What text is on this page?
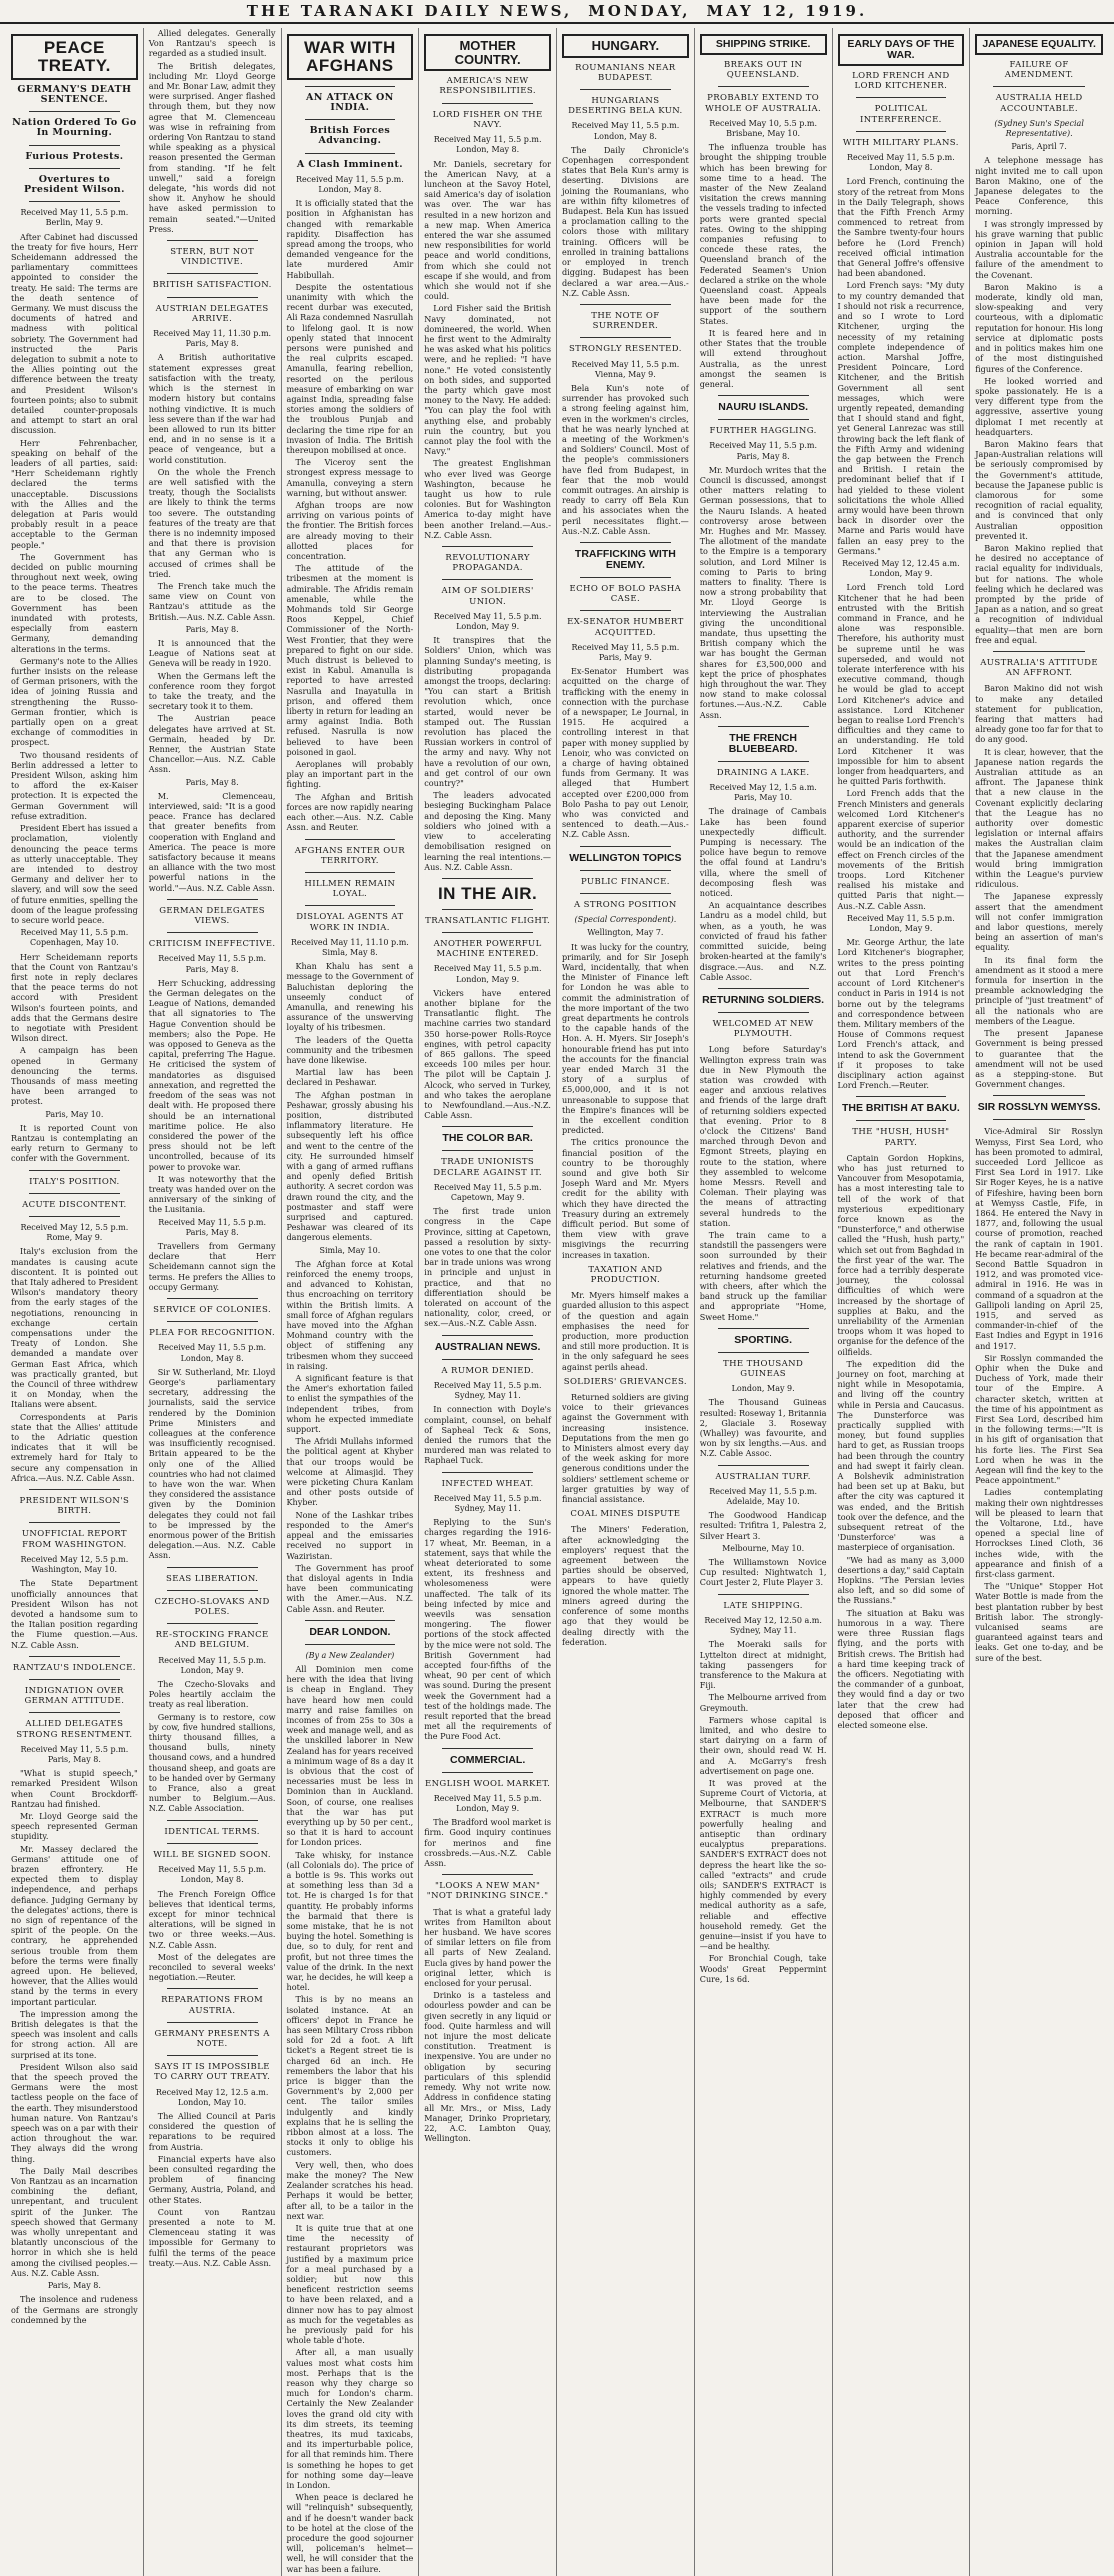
THE TARANAKI DAILY NEWS, MONDAY, MAY 12, 1919.
PEACE TREATY.
GERMANY'S DEATH SENTENCE.
Nation Ordered To Go In Mourning.
Furious Protests.
Overtures to President Wilson.
Received May 11, 5.5 p.m. Berlin, May 9.

After Cabinet had discussed the treaty for five hours, Herr Scheidemann addressed the parliamentary committees appointed to consider the treaty. He said: The terms are the death sentence of Germany. We must discuss the documents of hatred and madness with political sobriety. The Government had instructed the Paris delegation to submit a note to the Allies pointing out the difference between the treaty and President Wilson's fourteen points; also to submit detailed counter-proposals and attempt to start an oral discussion.

Herr Fehrenbacher, speaking on behalf of the leaders of all parties, said: "Herr Scheidemann rightly declared the terms unacceptable. Discussions with the Allies and the delegation at Paris would probably result in a peace acceptable to the German people."

The Government has decided on public mourning throughout next week, owing to the peace terms. Theatres are to be closed. The Government has been inundated with protests, especially from eastern Germany, demanding alterations in the terms.

Germany's note to the Allies further insists on the release of German prisoners, with the idea of joining Russia and strengthening the Russo-German frontier, which is partially open on a great exchange of commodities in prospect.

Two thousand residents of Berlin addressed a letter to President Wilson, asking him to afford the ex-Kaiser protection. It is expected the German Government will refuse extradition.

President Ebert has issued a proclamation, violently denouncing the peace terms as utterly unacceptable. They are intended to destroy Germany and deliver her to slavery, and will sow the seed of future enmities, spelling the doom of the league professing to secure world peace.

Received May 11, 5.5 p.m. Copenhagen, May 10.

Herr Scheidemann reports that the Count von Rantzau's first note in reply declares that the peace terms do not accord with President Wilson's fourteen points, and adds that the Germans desire to negotiate with President Wilson direct.

A campaign has been opened in Germany denouncing the terms. Thousands of mass meeting have been arranged to protest.

Paris, May 10.

It is reported Count von Rantzau is contemplating an early return to Germany to confer with the Government.

ITALY'S POSITION.
ACUTE DISCONTENT.
Received May 12, 5.5 p.m. Rome, May 9.

Italy's exclusion from the mandates is causing acute discontent. It is pointed out that Italy adhered to President Wilson's mandatory theory from the early stages of the negotiations, renouncing in exchange certain compensations under the Treaty of London. She demanded a mandate over German East Africa, which was practically granted, but the Council of three withdrew it on Monday, when the Italians were absent.

Correspondents at Paris state that the Allies' attitude to the Adriatic question indicates that it will be extremely hard for Italy to secure any compensation in Africa.—Aus. N.Z. Cable Assn.

PRESIDENT WILSON'S BIRTH.
UNOFFICIAL REPORT FROM WASHINGTON.
Received May 12, 5.5 p.m. Washington, May 10.

The State Department unofficially announces that President Wilson has not devoted a handsome sum to the Italian position regarding the Fiume question.—Aus. N.Z. Cable Assn.

RANTZAU'S INDOLENCE.
INDIGNATION OVER GERMAN ATTITUDE.
ALLIED DELEGATES STRONG RESENTMENT.
Received May 11, 5.5 p.m. Paris, May 8.

"What is stupid speech," remarked President Wilson when Count Brockdorff-Rantzau had finished.

Mr. Lloyd George said the speech represented German stupidity.

Mr. Massey declared the Germans' attitude one of brazen effrontery. He expected them to display independence, and perhaps defiance. Judging Germany by the delegates' actions, there is no sign of repentance of the spirit of the people. On the contrary, he apprehended serious trouble from them before the terms were finally agreed upon. He believed, however, that the Allies would stand by the terms in every important particular.

The impression among the British delegates is that the speech was insolent and calls for strong action. All are surprised at its tone.

President Wilson also said that the speech proved the Germans were the most tactless people on the face of the earth. They misunderstood human nature. Von Rantzau's speech was on a par with their action throughout the war. They always did the wrong thing.

The Daily Mail describes Von Rantzau as an incarnation combining the defiant, unrepentant, and truculent spirit of the Junker. The speech showed that Germany was wholly unrepentant and blatantly unconscious of the horror in which she is held among the civilised peoples.—Aus. N.Z. Cable Assn.

Paris, May 8.

The insolence and rudeness of the Germans are strongly condemned by the

Allied delegates. Generally Von Rantzau's speech is regarded as a studied insult.

The British delegates, including Mr. Lloyd George and Mr. Bonar Law, admit they were surprised. Anger flashed through them, but they now agree that M. Clemenceau was wise in refraining from ordering Von Rantzau to stand while speaking as a physical reason presented the German from standing. "If he felt unwell," said a foreign delegate, "his words did not show it. Anyhow he should have asked permission to remain seated."—United Press.

STERN, BUT NOT VINDICTIVE.
BRITISH SATISFACTION.
AUSTRIAN DELEGATES ARRIVE.
Received May 11, 11.30 p.m. Paris, May 8.

A British authoritative statement expresses great satisfaction with the treaty, which is the sternest in modern history but contains nothing vindictive. It is much less severe than if the war had been allowed to run its bitter end, and in no sense is it a peace of vengeance, but a world constitution.

On the whole the French are well satisfied with the treaty, though the Socialists are likely to think the terms too severe. The outstanding features of the treaty are that there is no indemnity imposed and that there is provision that any German who is accused of crimes shall be tried.

The French take much the same view on Count von Rantzau's attitude as the British.—Aus. N.Z. Cable Assn.

Paris, May 8.

It is announced that the League of Nations seat at Geneva will be ready in 1920.

When the Germans left the conference room they forgot to take the treaty, and the secretary took it to them.

The Austrian peace delegates have arrived at St. Germain, headed by Dr. Renner, the Austrian State Chancellor.—Aus. N.Z. Cable Assn.

Paris, May 8.

M. Clemenceau, interviewed, said: "It is a good peace. France has declared that greater benefits from cooperation with England and America. The peace is more satisfactory because it means an alliance with the two most powerful nations in the world."—Aus. N.Z. Cable Assn.

GERMAN DELEGATES VIEWS.
CRITICISM INEFFECTIVE.
Received May 11, 5.5 p.m. Paris, May 8.

Herr Schucking, addressing the German delegates on the League of Nations, demanded that all signatories to The Hague Convention should be members; also the Pope. He was opposed to Geneva as the capital, preferring The Hague. He criticised the system of mandatories as disguised annexation, and regretted the freedom of the seas was not dealt with. He proposed there should be an international maritime police. He also considered the power of the press should not be left uncontrolled, because of its power to provoke war.

It was noteworthy that the treaty was handed over on the anniversary of the sinking of the Lusitania.

Received May 11, 5.5 p.m. Paris, May 8.

Travellers from Germany declare that Herr Scheidemann cannot sign the terms. He prefers the Allies to occupy Germany.

SERVICE OF COLONIES.
PLEA FOR RECOGNITION.
Received May 11, 5.5 p.m. London, May 8.

Sir W. Sutherland, Mr. Lloyd George's parliamentary secretary, addressing the journalists, said the service rendered by the Dominion Prime Ministers and colleagues at the conference was insufficiently recognised. Britain appeared to be the only one of the Allied countries who had not claimed to have won the war. When they considered the assistance given by the Dominion delegates they could not fail to be impressed by the enormous power of the British delegation.—Aus. N.Z. Cable Assn.

SEAS LIBERATION.
CZECHO-SLOVAKS AND POLES.
RE-STOCKING FRANCE AND BELGIUM.
Received May 11, 5.5 p.m. London, May 9.

The Czecho-Slovaks and Poles heartily acclaim the treaty as real liberation.

Germany is to restore, cow by cow, five hundred stallions, thirty thousand fillies, a thousand bulls, ninety thousand cows, and a hundred thousand sheep, and goats are to be handed over by Germany to France, also a great number to Belgium.—Aus. N.Z. Cable Association.

IDENTICAL TERMS.
WILL BE SIGNED SOON.
Received May 11, 5.5 p.m. London, May 8.

The French Foreign Office believes that identical terms, except for minor technical alterations, will be signed in two or three weeks.—Aus. N.Z. Cable Assn.

Most of the delegates are reconciled to several weeks' negotiation.—Reuter.

REPARATIONS FROM AUSTRIA.
GERMANY PRESENTS A NOTE.
SAYS IT IS IMPOSSIBLE TO CARRY OUT TREATY.
Received May 12, 12.5 a.m. London, May 10.

The Allied Council at Paris considered the question of reparations to be required from Austria.

Financial experts have also been consulted regarding the problem of financing Germany, Austria, Poland, and other States.

Count von Rantzau presented a note to M. Clemenceau stating it was impossible for Germany to fulfil the terms of the peace treaty.—Aus. N.Z. Cable Assn.

WAR WITH AFGHANS
AN ATTACK ON INDIA.
British Forces Advancing.
A Clash Imminent.
Received May 11, 5.5 p.m. London, May 8.

It is officially stated that the position in Afghanistan has changed with remarkable rapidity. Disaffection has spread among the troops, who demanded vengeance for the late murdered Amir Habibullah.

Despite the ostentatious unanimity with which the recent durbar was executed, Ali Raza condemned Nasrullah to lifelong gaol. It is now openly stated that innocent persons were punished and the real culprits escaped. Amanulla, fearing rebellion, resorted on the perilous measure of embarking on war against India, spreading false stories among the soldiers of the troublous Punjab and declaring the time ripe for an invasion of India. The British thereupon mobilised at once.

The Viceroy sent the strongest express message to Amanulla, conveying a stern warning, but without answer.

Afghan troops are now arriving on various points of the frontier. The British forces are already moving to their allotted places for concentration.

The attitude of the tribesmen at the moment is admirable. The Afridis remain amenable, while the Mohmands told Sir George Roos Keppel, Chief Commissioner of the North-West Frontier, that they were prepared to fight on our side. Much distrust is believed to exist in Kabul. Amanulla is reported to have arrested Nasrulla and Inayatulla in prison, and offered them liberty in return for leading an army against India. Both refused. Nasrulla is now believed to have been poisoned in gaol.

Aeroplanes will probably play an important part in the fighting.

The Afghan and British forces are now rapidly nearing each other.—Aus. N.Z. Cable Assn. and Reuter.

AFGHANS ENTER OUR TERRITORY.
HILLMEN REMAIN LOYAL.
DISLOYAL AGENTS AT WORK IN INDIA.
Received May 11, 11.10 p.m. Simla, May 8.

Khan Khalu has sent a message to the Government of Baluchistan deploring the unseemly conduct of Amanulla, and renewing his assurance of the unswerving loyalty of his tribesmen.

The leaders of the Quetta community and the tribesmen have done likewise.

Martial law has been declared in Peshawar.

The Afghan postman in Peshawar, grossly abusing his position, distributed inflammatory literature. He subsequently left his office and went to the centre of the city. He surrounded himself with a gang of armed ruffians and openly defied British authority. A secret cordon was drawn round the city, and the postmaster and staff were surprised and captured. Peshawar was cleared of its dangerous elements.

Simla, May 10.

The Afghan force at Kotal reinforced the enemy troops, and advanced to Kohistan, thus encroaching on territory within the British limits. A small force of Afghan regulars have moved into the Afghan Mohmand country with the object of stiffening any tribesmen whom they succeed in raising.

A significant feature is that the Amer's exhortation failed to enlist the sympathies of the independent tribes, from whom he expected immediate support.

The Afridi Mullahs informed the political agent at Khyber that our troops would be welcome at Alimasjid. They were picketing Chura Kanlam and other posts outside of Khyber.

None of the Lashkar tribes responded to the Amer's appeal and the emissaries received no support in Waziristan.

The Government has proof that disloyal agents in India have been communicating with the Amer.—Aus. N.Z. Cable Assn. and Reuter.

DEAR LONDON.
(By a New Zealander)

All Dominion men come here with the idea that living is cheap in England. They have heard how men could marry and raise families on incomes of from 25s to 30s a week and manage well, and as the unskilled laborer in New Zealand has for years received a minimum wage of 8s a day it is obvious that the cost of necessaries must be less in Dominion than in Auckland. Soon, of course, one realises that the war has put everything up by 50 per cent., so that it is hard to account for London prices.

Take whisky, for instance (all Colonials do). The price of a bottle is 9s. This works out at something less than 3d a tot. He is charged 1s for that quantity. He probably informs the barmaid that there is some mistake, that he is not buying the hotel. Something is due, so to duly, for rent and profit, but not three times the value of the drink. In the next war, he decides, he will keep a hotel.

This is by no means an isolated instance. At an officers' depot in France he has seen Military Cross ribbon sold for 2d a foot. A lift ticket's a Regent street tie is charged 6d an inch. He remembers the labor that his price is bigger than the Government's by 2,000 per cent. The tailor smiles indulgently and kindly explains that he is selling the ribbon almost at a loss. The stocks it only to oblige his customers.

Very well, then, who does make the money? The New Zealander scratches his head. Perhaps it would be better, after all, to be a tailor in the next war.

It is quite true that at one time the necessity of restaurant proprietors was justified by a maximum price for a meal purchased by a soldier; but now this beneficent restriction seems to have been relaxed, and a dinner now has to pay almost as much for the vegetables as he previously paid for his whole table d'hote.

After all, a man usually values most what costs him most. Perhaps that is the reason why they charge so much for London's charm. Certainly the New Zealander loves the grand old city with its dim streets, its teeming theatres, its mud taxicabs, and its imperturbable police, for all that reminds him. There is something he hopes to get for nothing some day—leave in London.

When peace is declared he will "relinquish" subsequently, and if he doesn't wander back to be hotel at the close of the procedure the good sojourner will, policeman's helmet—well, he will consider that the war has been a failure.

MOTHER COUNTRY.
AMERICA'S NEW RESPONSIBILITIES.
LORD FISHER ON THE NAVY.
Received May 11, 5.5 p.m. London, May 8.

Mr. Daniels, secretary for the American Navy, at a luncheon at the Savoy Hotel, said America's day of isolation was over. The war has resulted in a new horizon and a new map. When America entered the war she assumed new responsibilities for world peace and world conditions, from which she could not escape if she would, and from which she would not if she could.

Lord Fisher said the British Navy dominated, not domineered, the world. When he first went to the Admiralty he was asked what his politics were, and he replied: "I have none." He voted consistently on both sides, and supported the party which gave most money to the Navy. He added: "You can play the fool with anything else, and probably ruin the country, but you cannot play the fool with the Navy."

The greatest Englishman who ever lived was George Washington, because he taught us how to rule colonies. But for Washington America to-day might have been another Ireland.—Aus.-N.Z. Cable Assn.

REVOLUTIONARY PROPAGANDA.
AIM OF SOLDIERS' UNION.
Received May 11, 5.5 p.m. London, May 9.

It transpires that the Soldiers' Union, which was planning Sunday's meeting, is distributing propaganda amongst the troops, declaring: "You can start a British revolution which, once started, would never be stamped out. The Russian revolution has placed the Russian workers in control of the army and navy. Why not have a revolution of our own, and get control of our own country?"

The leaders advocated besieging Buckingham Palace and deposing the King. Many soldiers who joined with a view to accelerating demobilisation resigned on learning the real intentions.—Aus. N.Z. Cable Assn.

IN THE AIR.
TRANSATLANTIC FLIGHT.
ANOTHER POWERFUL MACHINE ENTERED.
Received May 11, 5.5 p.m. London, May 9.

Vickers have entered another biplane for the Transatlantic flight. The machine carries two standard 350 horse-power Rolls-Royce engines, with petrol capacity of 865 gallons. The speed exceeds 100 miles per hour. The pilot will be Captain J. Alcock, who served in Turkey, and who takes the aeroplane to Newfoundland.—Aus.-N.Z. Cable Assn.

THE COLOR BAR.
TRADE UNIONISTS DECLARE AGAINST IT.
Received May 11, 5.5 p.m. Capetown, May 9.

The first trade union congress in the Cape Province, sitting at Capetown, passed a resolution by sixty-one votes to one that the color bar in trade unions was wrong in principle and unjust in practice, and that no differentiation should be tolerated on account of the nationality, color, creed, or sex.—Aus.-N.Z. Cable Assn.

AUSTRALIAN NEWS.
A RUMOR DENIED.
Received May 11, 5.5 p.m. Sydney, May 11.

In connection with Doyle's complaint, counsel, on behalf of Sapheal Teck & Sons, denied the rumors that the murdered man was related to Raphael Tuck.

INFECTED WHEAT.
Received May 11, 5.5 p.m. Sydney, May 11.

Replying to the Sun's charges regarding the 1916-17 wheat, Mr. Beeman, in a statement, says that while the wheat deteriorated to some extent, its freshness and wholesomeness were unaffected. The talk of its being infected by mice and weevils was sensation mongering. The flower portions of the stock affected by the mice were not sold. The British Government had accepted four-fifths of the wheat, 90 per cent of which was sound. During the present week the Government had a test of the holdings made. The result reported that the bread met all the requirements of the Pure Food Act.

COMMERCIAL.
ENGLISH WOOL MARKET.
Received May 11, 5.5 p.m. London, May 9.

The Bradford wool market is firm. Good inquiry continues for merinos and fine crossbreds.—Aus.-N.Z. Cable Assn.

"LOOKS A NEW MAN" "NOT DRINKING SINCE."

That is what a grateful lady writes from Hamilton about her husband. We have scores of similar letters on file from all parts of New Zealand. Eucla gives by hand power the original letter, which is enclosed for your perusal.

Drinko is a tasteless and odourless powder and can be given secretly in any liquid or food. Quite harmless and will not injure the most delicate constitution. Treatment is inexpensive. You are under no obligation by securing particulars of this splendid remedy. Why not write now. Address in confidence stating all Mr. Mrs., or Miss, Lady Manager, Drinko Proprietary, 22, A.C. Lambton Quay, Wellington.

HUNGARY.
ROUMANIANS NEAR BUDAPEST.
HUNGARIANS DESERTING BELA KUN.
Received May 11, 5.5 p.m. London, May 8.

The Daily Chronicle's Copenhagen correspondent states that Bela Kun's army is deserting. Divisions are joining the Roumanians, who are within fifty kilometres of Budapest. Bela Kun has issued a proclamation calling to the colors those with military training. Officers will be enrolled in training battalions or employed in trench digging. Budapest has been declared a war area.—Aus.-N.Z. Cable Assn.

THE NOTE OF SURRENDER.
STRONGLY RESENTED.
Received May 11, 5.5 p.m. Vienna, May 9.

Bela Kun's note of surrender has provoked such a strong feeling against him, even in the workmen's circles, that he was nearly lynched at a meeting of the Workmen's and Soldiers' Council. Most of the people's commissioners have fled from Budapest, in fear that the mob would commit outrages. An airship is ready to carry off Bela Kun and his associates when the peril necessitates flight.—Aus.-N.Z. Cable Assn.

TRAFFICKING WITH ENEMY.
ECHO OF BOLO PASHA CASE.
EX-SENATOR HUMBERT ACQUITTED.
Received May 11, 5.5 p.m. Paris, May 9.

Ex-Senator Humbert was acquitted on the charge of trafficking with the enemy in connection with the purchase of a newspaper, Le Journal, in 1915. He acquired a controlling interest in that paper with money supplied by Lenoir, who was convicted on a charge of having obtained funds from Germany. It was alleged that Humbert accepted over £200,000 from Bolo Pasha to pay out Lenoir, who was convicted and sentenced to death.—Aus.-N.Z. Cable Assn.

WELLINGTON TOPICS
PUBLIC FINANCE.
A STRONG POSITION
(Special Correspondent).
Wellington, May 7.

It was lucky for the country, primarily, and for Sir Joseph Ward, incidentally, that when the Minister of Finance left for London he was able to commit the administration of the more important of the two great departments he controls to the capable hands of the Hon. A. H. Myers. Sir Joseph's honourable friend has put into the accounts for the financial year ended March 31 the story of a surplus of £5,000,000, and it is not unreasonable to suppose that the Empire's finances will be in the excellent condition predicted.

The critics pronounce the financial position of the country to be thoroughly sound and give both Sir Joseph Ward and Mr. Myers credit for the ability with which they have directed the Treasury during an extremely difficult period. But some of them view with grave misgivings the recurring increases in taxation.

TAXATION AND PRODUCTION.

Mr. Myers himself makes a guarded allusion to this aspect of the question and again emphasises the need for production, more production and still more production. It is in the only safeguard he sees against perils ahead.

SOLDIERS' GRIEVANCES.

Returned soldiers are giving voice to their grievances against the Government with increasing insistence. Deputations from the men go to Ministers almost every day of the week asking for more generous conditions under the soldiers' settlement scheme or larger gratuities by way of financial assistance.

COAL MINES DISPUTE

The Miners' Federation, after acknowledging the employers' request that the agreement between the parties should be observed, appears to have quietly ignored the whole matter. The miners agreed during the conference of some months ago that they would be dealing directly with the federation.

SHIPPING STRIKE.
BREAKS OUT IN QUEENSLAND.
PROBABLY EXTEND TO WHOLE OF AUSTRALIA.
Received May 10, 5.5 p.m. Brisbane, May 10.

The influenza trouble has brought the shipping trouble which has been brewing for some time to a head. The master of the New Zealand visitation the crews manning the vessels trading to infected ports were granted special rates. Owing to the shipping companies refusing to concede these rates, the Queensland branch of the Federated Seamen's Union declared a strike on the whole Queensland coast. Appeals have been made for the support of the southern States.

It is feared here and in other States that the trouble will extend throughout Australia, as the unrest amongst the seamen is general.

NAURU ISLANDS.
FURTHER HAGGLING.
Received May 11, 5.5 p.m. Paris, May 8.

Mr. Murdoch writes that the Council is discussed, amongst other matters relating to German possessions, that to the Nauru Islands. A heated controversy arose between Mr. Hughes and Mr. Massey. The allotment of the mandate to the Empire is a temporary solution, and Lord Milner is coming to Paris to bring matters to finality. There is now a strong probability that Mr. Lloyd George is interviewing the Australian giving the unconditional mandate, thus upsetting the British company which the war has bought the German shares for £3,500,000 and kept the price of phosphates high throughout the war. They now stand to make colossal fortunes.—Aus.-N.Z. Cable Assn.

THE FRENCH BLUEBEARD.
DRAINING A LAKE.
Received May 12, 1.5 a.m. Paris, May 10.

The drainage of Cambais Lake has been found unexpectedly difficult. Pumping is necessary. The police have begun to remove the offal found at Landru's villa, where the smell of decomposing flesh was noticed.

An acquaintance describes Landru as a model child, but when, as a youth, he was convicted of fraud his father committed suicide, being broken-hearted at the family's disgrace.—Aus. and N.Z. Cable Assoc.

RETURNING SOLDIERS.
WELCOMED AT NEW PLYMOUTH.

Long before Saturday's Wellington express train was due in New Plymouth the station was crowded with eager and anxious relatives and friends of the large draft of returning soldiers expected that evening. Prior to 8 o'clock the Citizens' Band marched through Devon and Egmont Streets, playing en route to the station, where they assembled to welcome home Messrs. Revell and Coleman. Their playing was the means of attracting several hundreds to the station.

The train came to a standstill the passengers were soon surrounded by their relatives and friends, and the returning handsome greeted with cheers, after which the band struck up the familiar and appropriate "Home, Sweet Home."

SPORTING.
THE THOUSAND GUINEAS
London, May 9.

The Thousand Guineas resulted: Roseway 1, Britannia 2, Glaciale 3. Roseway (Whalley) was favourite, and won by six lengths.—Aus. and N.Z. Cable Assoc.

AUSTRALIAN TURF.
Received May 11, 5.5 p.m. Adelaide, May 10.

The Goodwood Handicap resulted: Trifitra 1, Palestra 2, Silver Heart 3.

Melbourne, May 10.

The Williamstown Novice Cup resulted: Nightwatch 1, Court Jester 2, Flute Player 3.

LATE SHIPPING.
Received May 12, 12.50 a.m. Sydney, May 11.

The Moeraki sails for Lyttelton direct at midnight, taking passengers for transference to the Makura at Fiji.

The Melbourne arrived from Greymouth.

Farmers whose capital is limited, and who desire to start dairying on a farm of their own, should read W. H. and A. McGarry's fresh advertisement on page one.

It was proved at the Supreme Court of Victoria, at Melbourne, that SANDER'S EXTRACT is much more powerfully healing and antiseptic than ordinary eucalyptus preparations. SANDER'S EXTRACT does not depress the heart like the so-called "extracts" and crude oils; SANDER'S EXTRACT is highly commended by every medical authority as a safe, reliable and effective household remedy. Get the genuine—insist if you have to—and be healthy.

For Bronchial Cough, take Woods' Great Peppermint Cure, 1s 6d.

EARLY DAYS OF THE WAR.
LORD FRENCH AND LORD KITCHENER.
POLITICAL INTERFERENCE.
WITH MILITARY PLANS.
Received May 11, 5.5 p.m. London, May 8.

Lord French, continuing the story of the retreat from Mons in the Daily Telegraph, shows that the Fifth French Army commenced to retreat from the Sambre twenty-four hours before he (Lord French) received official intimation that General Joffre's offensive had been abandoned.

Lord French says: "My duty to my country demanded that I should not risk a recurrence, and so I wrote to Lord Kitchener, urging the necessity of my retaining complete independence of action. Marshal Joffre, President Poincare, Lord Kitchener, and the British Government all sent messages, which were urgently repeated, demanding that I should stand and fight, yet General Lanrezac was still throwing back the left flank of the Fifth Army and widening the gap between the French and British. I retain the predominant belief that if I had yielded to these violent solicitations the whole Allied army would have been thrown back in disorder over the Marne and Paris would have fallen an easy prey to the Germans."

Received May 12, 12.45 a.m. London, May 9.

Lord French told Lord Kitchener that he had been entrusted with the British command in France, and he alone was responsible. Therefore, his authority must be supreme until he was superseded, and would not tolerate interference with his executive command, though he would be glad to accept Lord Kitchener's advice and assistance. Lord Kitchener began to realise Lord French's difficulties and they came to an understanding. He told Lord Kitchener it was impossible for him to absent longer from headquarters, and he quitted Paris forthwith.

Lord French adds that the French Ministers and generals welcomed Lord Kitchener's apparent exercise of superior authority, and the surrender would be an indication of the effect on French circles of the movements of the British troops. Lord Kitchener realised his mistake and quitted Paris that night.—Aus.-N.Z. Cable Assn.

Received May 11, 5.5 p.m. London, May 9.

Mr. George Arthur, the late Lord Kitchener's biographer, writes to the press pointing out that Lord French's account of Lord Kitchener's conduct in Paris in 1914 is not borne out by the telegrams and correspondence between them. Military members of the House of Commons request Lord French's attack, and intend to ask the Government if it proposes to take disciplinary action against Lord French.—Reuter.

THE BRITISH AT BAKU.
THE "HUSH, HUSH" PARTY.

Captain Gordon Hopkins, who has just returned to Vancouver from Mesopotamia, has a most interesting tale to tell of the work of that mysterious expeditionary force known as the "Dunsterforce," and otherwise called the "Hush, hush party," which set out from Baghdad in the first year of the war. The force had a terribly desperate journey, the colossal difficulties of which were increased by the shortage of supplies at Baku, and the unreliability of the Armenian troops whom it was hoped to organise for the defence of the oilfields.

The expedition did the journey on foot, marching at night while in Mesopotamia, and living off the country while in Persia and Caucasus. The Dunsterforce was practically supplied with money, but found supplies hard to get, as Russian troops had been through the country and had swept it fairly clean. A Bolshevik administration had been set up at Baku, but after the city was captured it was ended, and the British took over the defence, and the subsequent retreat of the 'Dunsterforce' was a masterpiece of organisation.

"We had as many as 3,000 desertions a day," said Captain Hopkins. "The Persian levies also left, and so did some of the Russians."

The situation at Baku was humorous in a way. There were three Russian flags flying, and the ports with British crews. The British had a hard time keeping track of the officers. Negotiating with the commander of a gunboat, they would find a day or two later that the crew had deposed that officer and elected someone else.

JAPANESE EQUALITY.
FAILURE OF AMENDMENT.
AUSTRALIA HELD ACCOUNTABLE.
(Sydney Sun's Special Representative).
Paris, April 7.

A telephone message has night invited me to call upon Baron Makino, one of the Japanese delegates to the Peace Conference, this morning.

I was strongly impressed by his grave warning that public opinion in Japan will hold Australia accountable for the failure of the amendment to the Covenant.

Baron Makino is a moderate, kindly old man, slow-speaking and very courteous, with a diplomatic reputation for honour. His long service at diplomatic posts and in politics makes him one of the most distinguished figures of the Conference.

He looked worried and spoke passionately. He is a very different type from the aggressive, assertive young diplomat I met recently at headquarters.

Baron Makino fears that Japan-Australian relations will be seriously compromised by the Government's attitude, because the Japanese public is clamorous for some recognition of racial equality, and is convinced that only Australian opposition prevented it.

Baron Makino replied that he desired no acceptance of racial equality for individuals, but for nations. The whole feeling which he declared was prompted by the pride of Japan as a nation, and so great a recognition of individual equality—that men are born free and equal.

AUSTRALIA'S ATTITUDE AN AFFRONT.

Baron Makino did not wish to make any detailed statement for publication, fearing that matters had already gone too far for that to do any good.

It is clear, however, that the Japanese nation regards the Australian attitude as an affront. The Japanese think that a new clause in the Covenant explicitly declaring that the League has no authority over domestic legislation or internal affairs makes the Australian claim that the Japanese amendment would bring immigration within the League's purview ridiculous.

The Japanese expressly assert that the amendment will not confer immigration and labor questions, merely being an assertion of man's equality.

In its final form the amendment as it stood a mere formula for insertion in the preamble acknowledging the principle of "just treatment" of all the nationals who are members of the League.

The present Japanese Government is being pressed to guarantee that the amendment will not be used as a stepping-stone. But Government changes.

SIR ROSSLYN WEMYSS.

Vice-Admiral Sir Rosslyn Wemyss, First Sea Lord, who has been promoted to admiral, succeeded Lord Jellicoe as First Sea Lord in 1917. Like Sir Roger Keyes, he is a native of Fifeshire, having been born at Wemyss Castle, Fife, in 1864. He entered the Navy in 1877, and, following the usual course of promotion, reached the rank of captain in 1901. He became rear-admiral of the Second Battle Squadron in 1912, and was promoted vice-admiral in 1916. He was in command of a squadron at the Gallipoli landing on April 25, 1915, and served as commander-in-chief of the East Indies and Egypt in 1916 and 1917.

Sir Rosslyn commanded the Ophir when the Duke and Duchess of York, made their tour of the Empire. A character sketch, written at the time of his appointment as First Sea Lord, described him in the following terms:—"It is in his gift of organisation that his forte lies. The First Sea Lord when he was in the Aegean will find the key to the Peace appointment."

Ladies contemplating making their own nightdresses will be pleased to learn that the Voltarone, Ltd., have opened a special line of Horrockses Lined Cloth, 36 inches wide, with the appearance and finish of a first-class garment.

The "Unique" Stopper Hot Water Bottle is made from the best plantation rubber by best British labor. The strongly-vulcanised seams are guaranteed against tears and leaks. Get one to-day, and be sure of the best.
